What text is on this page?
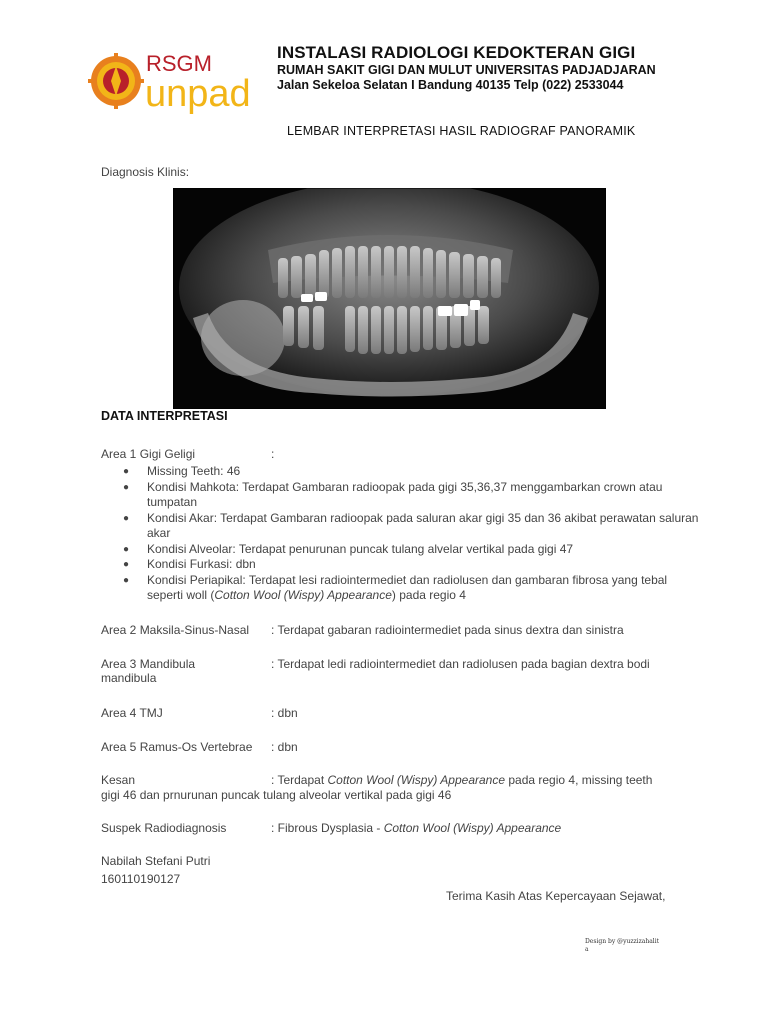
RSGM
unpad
INSTALASI RADIOLOGI KEDOKTERAN GIGI
RUMAH SAKIT GIGI DAN MULUT UNIVERSITAS PADJADJARAN
Jalan Sekeloa Selatan I Bandung 40135 Telp (022) 2533044
LEMBAR INTERPRETASI HASIL RADIOGRAF PANORAMIK
Diagnosis Klinis:
DATA INTERPRETASI
Area 1 Gigi Geligi	:
● Missing Teeth: 46
● Kondisi Mahkota: Terdapat Gambaran radioopak pada gigi 35,36,37 menggambarkan crown atau tumpatan
● Kondisi Akar: Terdapat Gambaran radioopak pada saluran akar gigi 35 dan 36 akibat perawatan saluran akar
● Kondisi Alveolar: Terdapat penurunan puncak tulang alvelar vertikal pada gigi 47
● Kondisi Furkasi: dbn
● Kondisi Periapikal: Terdapat lesi radiointermediet dan radiolusen dan gambaran fibrosa yang tebal seperti woll (Cotton Wool (Wispy) Appearance) pada regio 4
Area 2 Maksila-Sinus-Nasal : Terdapat gabaran radiointermediet pada sinus dextra dan sinistra
Area 3 Mandibula	: Terdapat ledi radiointermediet dan radiolusen pada bagian dextra bodi
mandibula
Area 4 TMJ	: dbn
Area 5 Ramus-Os Vertebrae : dbn
Kesan	: Terdapat Cotton Wool (Wispy) Appearance pada regio 4, missing teeth
gigi 46 dan prnurunan puncak tulang alveolar vertikal pada gigi 46
Suspek Radiodiagnosis	: Fibrous Dysplasia - Cotton Wool (Wispy) Appearance
Nabilah Stefani Putri
160110190127
Terima Kasih Atas Kepercayaan Sejawat,
Design by @yuzzizahalit
a
